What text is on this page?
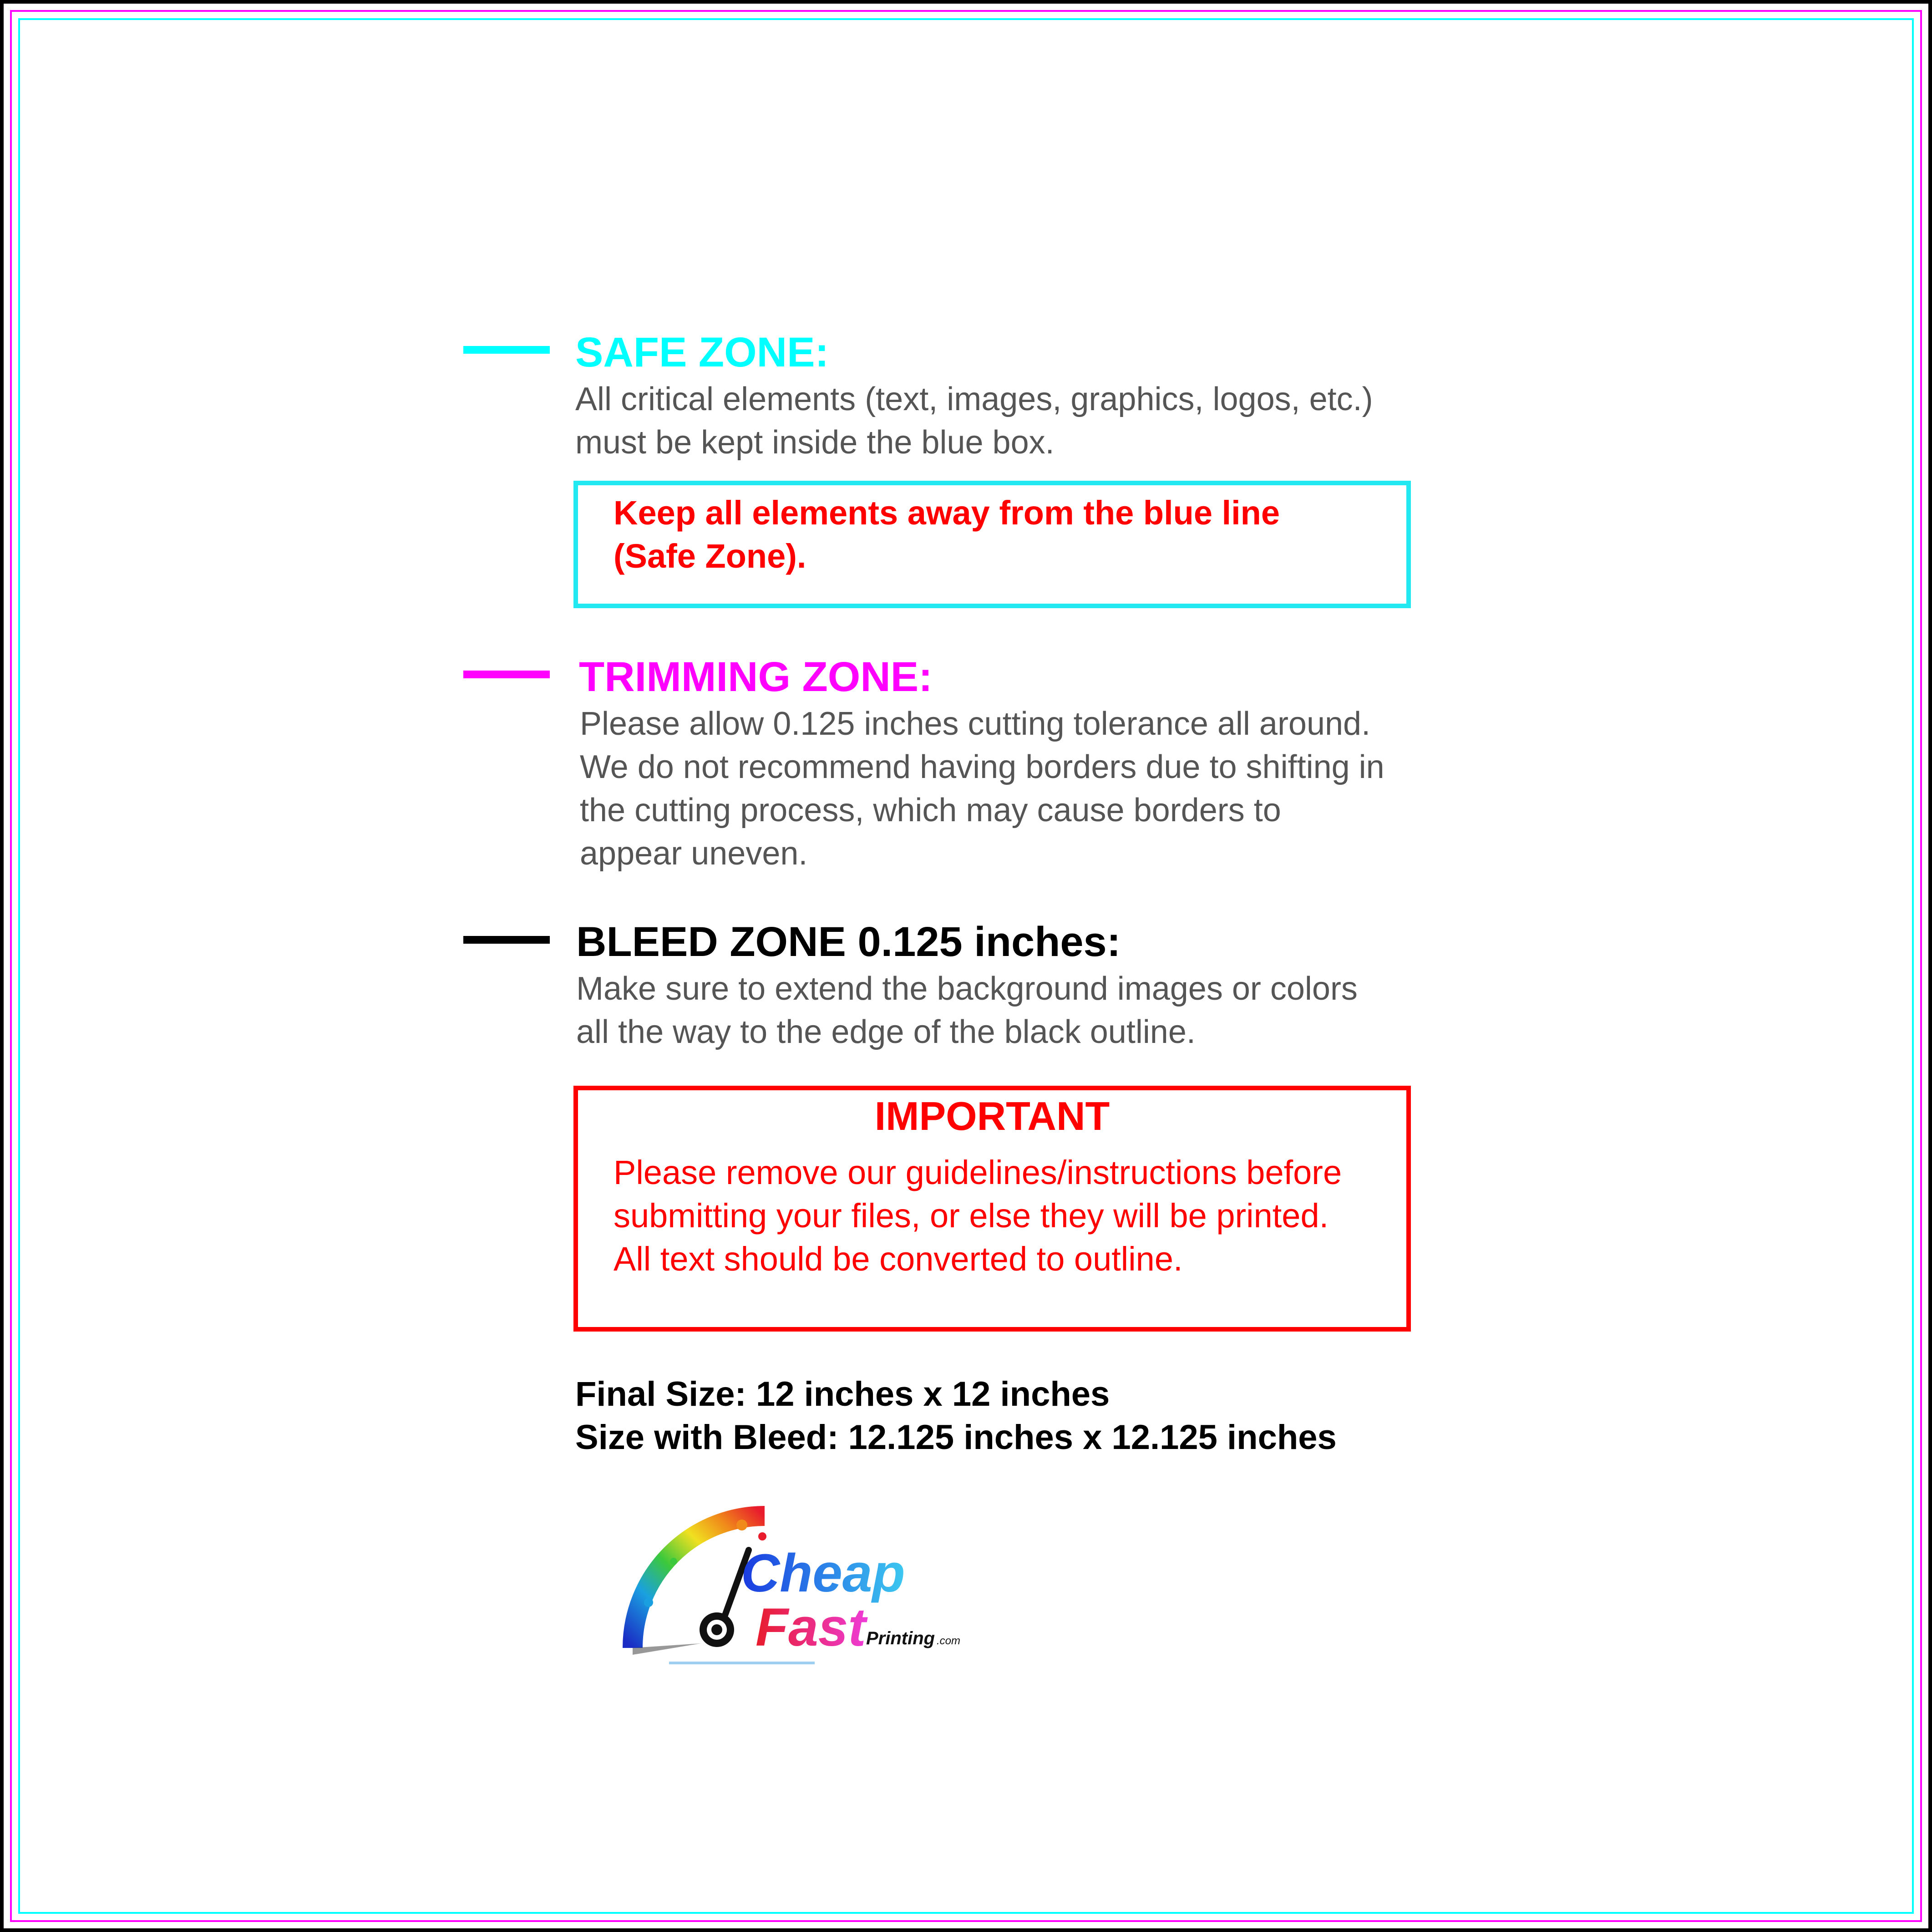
SAFE ZONE:
All critical elements (text, images, graphics, logos, etc.)
must be kept inside the blue box.
Keep all elements away from the blue line
(Safe Zone).
TRIMMING ZONE:
Please allow 0.125 inches cutting tolerance all around.
We do not recommend having borders due to shifting in
the cutting process, which may cause borders to
appear uneven.
BLEED ZONE 0.125 inches:
Make sure to extend the background images or colors
all the way to the edge of the black outline.
IMPORTANT
Please remove our guidelines/instructions before
submitting your files, or else they will be printed.
All text should be converted to outline.
Final Size: 12 inches x 12 inches
Size with Bleed: 12.125 inches x 12.125 inches
Cheap
Fast Printing .com
